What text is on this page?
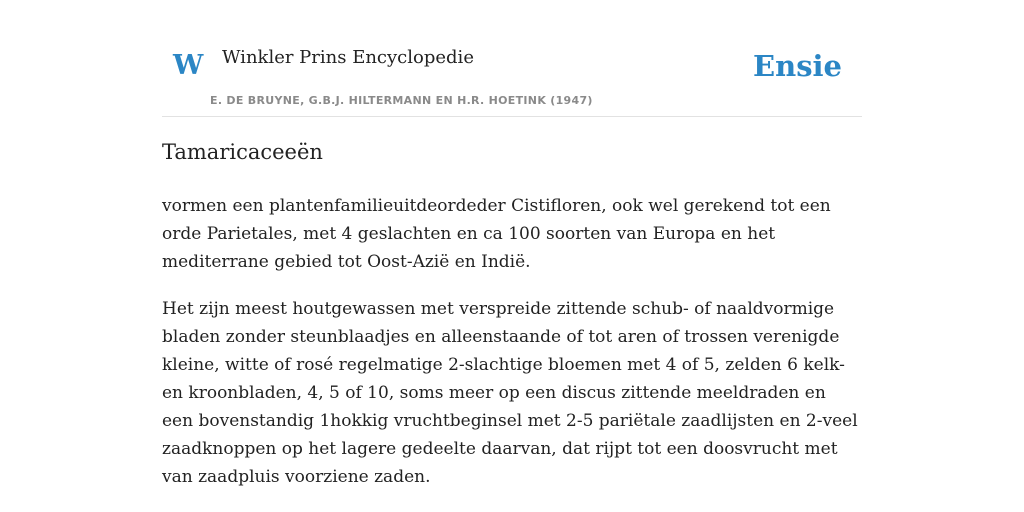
W Winkler Prins Encyclopedie
E. DE BRUYNE, G.B.J. HILTERMANN EN H.R. HOETINK (1947)
Ensie
Tamaricaceeën

vormen een plantenfamilieuitdeordeder Cistifloren, ook wel gerekend tot een orde Parietales, met 4 geslachten en ca 100 soorten van Europa en het mediterrane gebied tot Oost-Azië en Indië.

Het zijn meest houtgewassen met verspreide zittende schub- of naaldvormige bladen zonder steunblaadjes en alleenstaande of tot aren of trossen verenigde kleine, witte of rosé regelmatige 2-slachtige bloemen met 4 of 5, zelden 6 kelk- en kroonbladen, 4, 5 of 10, soms meer op een discus zittende meeldraden en een bovenstandig 1hokkig vruchtbeginsel met 2-5 pariëtale zaadlijsten en 2-veel zaadknoppen op het lagere gedeelte daarvan, dat rijpt tot een doosvrucht met van zaadpluis voorziene zaden.
